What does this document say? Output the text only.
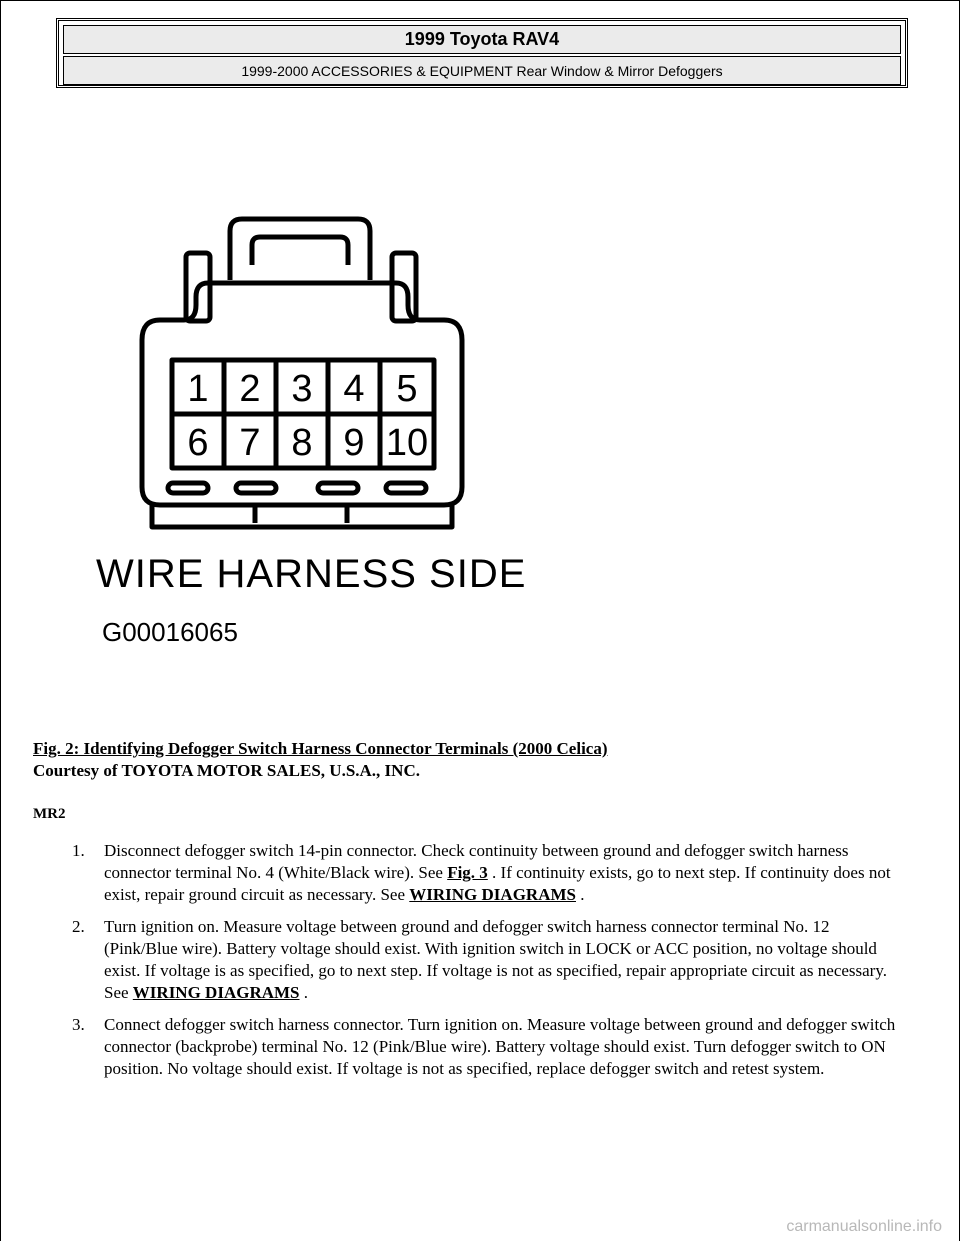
1999 Toyota RAV4
1999-2000 ACCESSORIES & EQUIPMENT Rear Window & Mirror Defoggers
1 2 3 4 5
6 7 8 9 10
WIRE HARNESS SIDE
G00016065
Fig. 2: Identifying Defogger Switch Harness Connector Terminals (2000 Celica)
Courtesy of TOYOTA MOTOR SALES, U.S.A., INC.
MR2
1. Disconnect defogger switch 14-pin connector. Check continuity between ground and defogger switch harness connector terminal No. 4 (White/Black wire). See Fig. 3 . If continuity exists, go to next step. If continuity does not exist, repair ground circuit as necessary. See WIRING DIAGRAMS .
2. Turn ignition on. Measure voltage between ground and defogger switch harness connector terminal No. 12 (Pink/Blue wire). Battery voltage should exist. With ignition switch in LOCK or ACC position, no voltage should exist. If voltage is as specified, go to next step. If voltage is not as specified, repair appropriate circuit as necessary. See WIRING DIAGRAMS .
3. Connect defogger switch harness connector. Turn ignition on. Measure voltage between ground and defogger switch connector (backprobe) terminal No. 12 (Pink/Blue wire). Battery voltage should exist. Turn defogger switch to ON position. No voltage should exist. If voltage is not as specified, replace defogger switch and retest system.
carmanualsonline.info
